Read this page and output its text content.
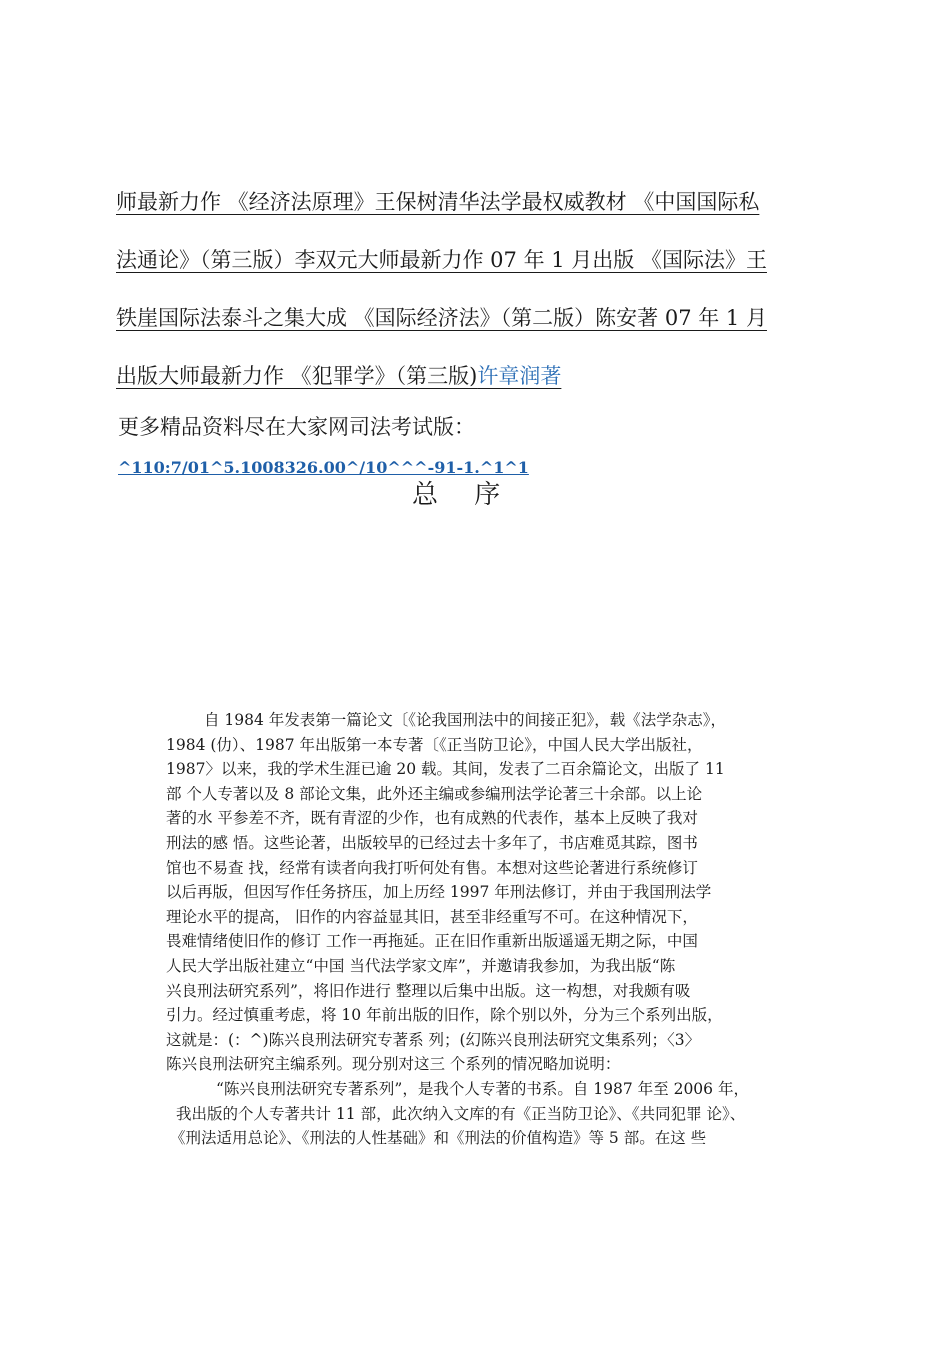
师最新力作 《经济法原理》王保树清华法学最权威教材 《中国国际私
法通论》（第三版）李双元大师最新力作 07 年 1 月出版 《国际法》王
铁崖国际法泰斗之集大成 《国际经济法》（第二版）陈安著 07 年 1 月
出版大师最新力作 《犯罪学》（第三版)许章润著
更多精品资料尽在大家网司法考试版：
^110:7/01^5.1008326.00^/10^^^-91-1.^1^1
总 序
自 1984 年发表第一篇论文〔《论我国刑法中的间接正犯》，载《法学杂志》，
1984 (仂）、1987 年出版第一本专著〔《正当防卫论》，中国人民大学出版社，
1987〉以来，我的学术生涯已逾 20 载。其间，发表了二百余篇论文，出版了 11
部 个人专著以及 8 部论文集，此外还主编或参编刑法学论著三十余部。以上论
著的水 平参差不齐，既有青涩的少作，也有成熟的代表作，基本上反映了我对
刑法的感 悟。这些论著，出版较早的已经过去十多年了，书店难觅其踪，图书
馆也不易查 找，经常有读者向我打听何处有售。本想对这些论著进行系统修订
以后再版，但因写作任务挤压，加上历经 1997 年刑法修订，并由于我国刑法学
理论水平的提高， 旧作的内容益显其旧，甚至非经重写不可。在这种情况下，
畏难情绪使旧作的修订 工作一再拖延。正在旧作重新出版遥遥无期之际，中国
人民大学出版社建立“中国 当代法学家文库”，并邀请我参加，为我出版“陈
兴良刑法研究系列”，将旧作进行 整理以后集中出版。这一构想，对我颇有吸
引力。经过慎重考虑，将 10 年前出版的旧作，除个别以外，分为三个系列出版，
这就是：(：^)陈兴良刑法研究专著系 列；(幻陈兴良刑法研究文集系列；〈3〉
陈兴良刑法研究主编系列。现分别对这三 个系列的情况略加说明：
“陈兴良刑法研究专著系列”，是我个人专著的书系。自 1987 年至 2006 年，
我出版的个人专著共计 11 部，此次纳入文库的有《正当防卫论》、《共同犯罪 论》、
《刑法适用总论》、《刑法的人性基础》和《刑法的价值构造》等 5 部。在这 些
